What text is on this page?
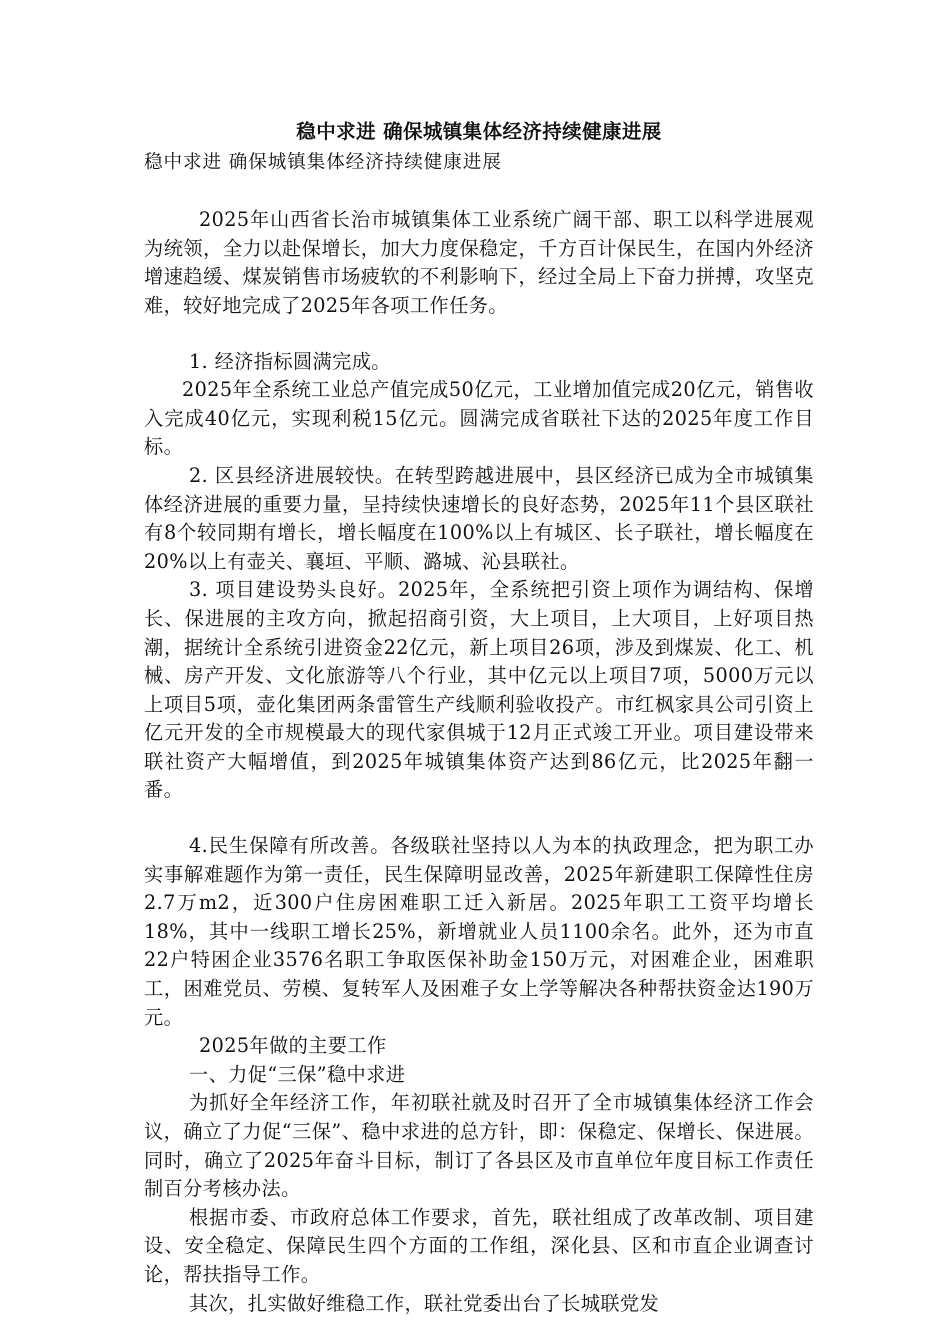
稳中求进 确保城镇集体经济持续健康进展
稳中求进 确保城镇集体经济持续健康进展

2025年山西省长治市城镇集体工业系统广阔干部、职工以科学进展观为统领，全力以赴保增长，加大力度保稳定，千方百计保民生，在国内外经济增速趋缓、煤炭销售市场疲软的不利影响下，经过全局上下奋力拼搏，攻坚克难，较好地完成了2025年各项工作任务。

1. 经济指标圆满完成。

2025年全系统工业总产值完成50亿元，工业增加值完成20亿元，销售收入完成40亿元，实现利税15亿元。圆满完成省联社下达的2025年度工作目标。

2. 区县经济进展较快。在转型跨越进展中，县区经济已成为全市城镇集体经济进展的重要力量，呈持续快速增长的良好态势，2025年11个县区联社有8个较同期有增长，增长幅度在100%以上有城区、长子联社，增长幅度在20%以上有壶关、襄垣、平顺、潞城、沁县联社。

3. 项目建设势头良好。2025年，全系统把引资上项作为调结构、保增长、保进展的主攻方向，掀起招商引资，大上项目，上大项目，上好项目热潮，据统计全系统引进资金22亿元，新上项目26项，涉及到煤炭、化工、机械、房产开发、文化旅游等八个行业，其中亿元以上项目7项，5000万元以上项目5项，壶化集团两条雷管生产线顺利验收投产。市红枫家具公司引资上亿元开发的全市规模最大的现代家俱城于12月正式竣工开业。项目建设带来联社资产大幅增值，到2025年城镇集体资产达到86亿元，比2025年翻一番。

4.民生保障有所改善。各级联社坚持以人为本的执政理念，把为职工办实事解难题作为第一责任，民生保障明显改善，2025年新建职工保障性住房2.7万m2，近300户住房困难职工迁入新居。2025年职工工资平均增长18%，其中一线职工增长25%，新增就业人员1100余名。此外，还为市直22户特困企业3576名职工争取医保补助金150万元，对困难企业，困难职工，困难党员、劳模、复转军人及困难子女上学等解决各种帮扶资金达190万元。

2025年做的主要工作

一、力促“三保”稳中求进

为抓好全年经济工作，年初联社就及时召开了全市城镇集体经济工作会议，确立了力促“三保”、稳中求进的总方针，即：保稳定、保增长、保进展。同时，确立了2025年奋斗目标，制订了各县区及市直单位年度目标工作责任制百分考核办法。

根据市委、市政府总体工作要求，首先，联社组成了改革改制、项目建设、安全稳定、保障民生四个方面的工作组，深化县、区和市直企业调查讨论，帮扶指导工作。

其次，扎实做好维稳工作，联社党委出台了长城联党发
